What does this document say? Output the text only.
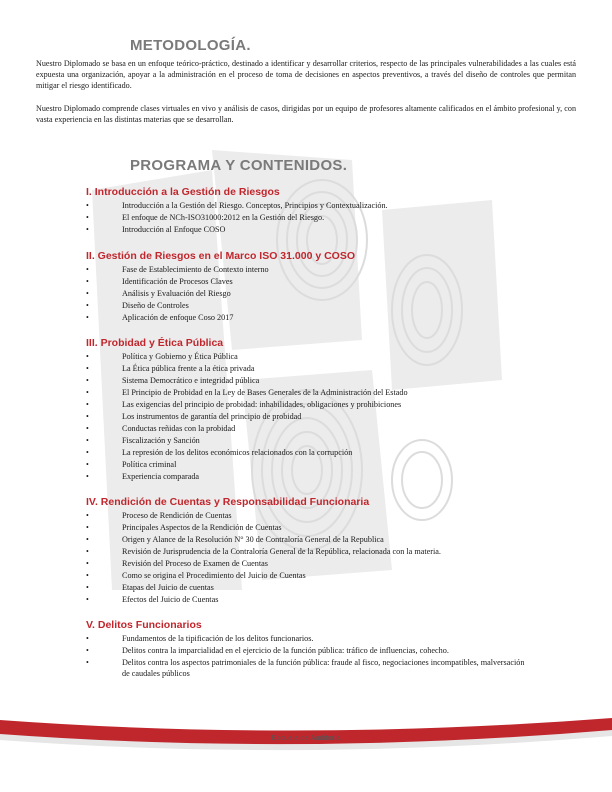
METODOLOGÍA.

Nuestro Diplomado se basa en un enfoque teórico-práctico, destinado a identificar y desarrollar criterios, respecto de las principales vulnerabilidades a las cuales está expuesta una organización, apoyar a la administración en el proceso de toma de decisiones en aspectos preventivos, a través del diseño de controles que permitan mitigar el riesgo identificado.

Nuestro Diplomado comprende clases virtuales en vivo y análisis de casos, dirigidas por un equipo de profesores altamente calificados en el ámbito profesional y, con vasta experiencia en las distintas materias que se desarrollan.

PROGRAMA Y CONTENIDOS.
I. Introducción a la Gestión de Riesgos
•	Introducción a la Gestión del Riesgo. Conceptos, Principios y Contextualización.
•	El enfoque de NCh-ISO31000:2012 en la Gestión del Riesgo.
•	Introducción al Enfoque COSO
II. Gestión de Riesgos en el Marco ISO 31.000 y COSO
•	Fase de Establecimiento de Contexto interno
•	Identificación de Procesos Claves
•	Análisis y Evaluación del Riesgo
•	Diseño de Controles
•	Aplicación de enfoque Coso 2017
III. Probidad y Ética Pública
•	Política y Gobierno y Ética Pública
•	La Ética pública frente a la ética privada
•	Sistema Democrático e integridad pública
•	El Principio de Probidad en la Ley de Bases Generales de la Administración del Estado
•	Las exigencias del principio de probidad: inhabilidades, obligaciones y prohibiciones
•	Los instrumentos de garantía del principio de probidad
•	Conductas reñidas con la probidad
•	Fiscalización y Sanción
•	La represión de los delitos económicos relacionados con la corrupción
•	Política criminal
•	Experiencia comparada
IV. Rendición de Cuentas y Responsabilidad Funcionaria
•	Proceso de Rendición de Cuentas
•	Principales Aspectos de la Rendición de Cuentas
•	Origen y Alance de la Resolución N° 30 de Contraloría General de la Republica
•	Revisión de Jurisprudencia de la Contraloría General de la República, relacionada con la materia.
•	Revisión del Proceso de Examen de Cuentas
•	Como se origina el Procedimiento del Juicio de Cuentas
•	Etapas del Juicio de cuentas
•	Efectos del Juicio de Cuentas
V. Delitos Funcionarios
•	Fundamentos de la tipificación de los delitos funcionarios.
•	Delitos contra la imparcialidad en el ejercicio de la función pública: tráfico de influencias, cohecho.
•	Delitos contra los aspectos patrimoniales de la función pública: fraude al fisco, negociaciones incompatibles, malversación de caudales públicos

Escuela de Auditoría
